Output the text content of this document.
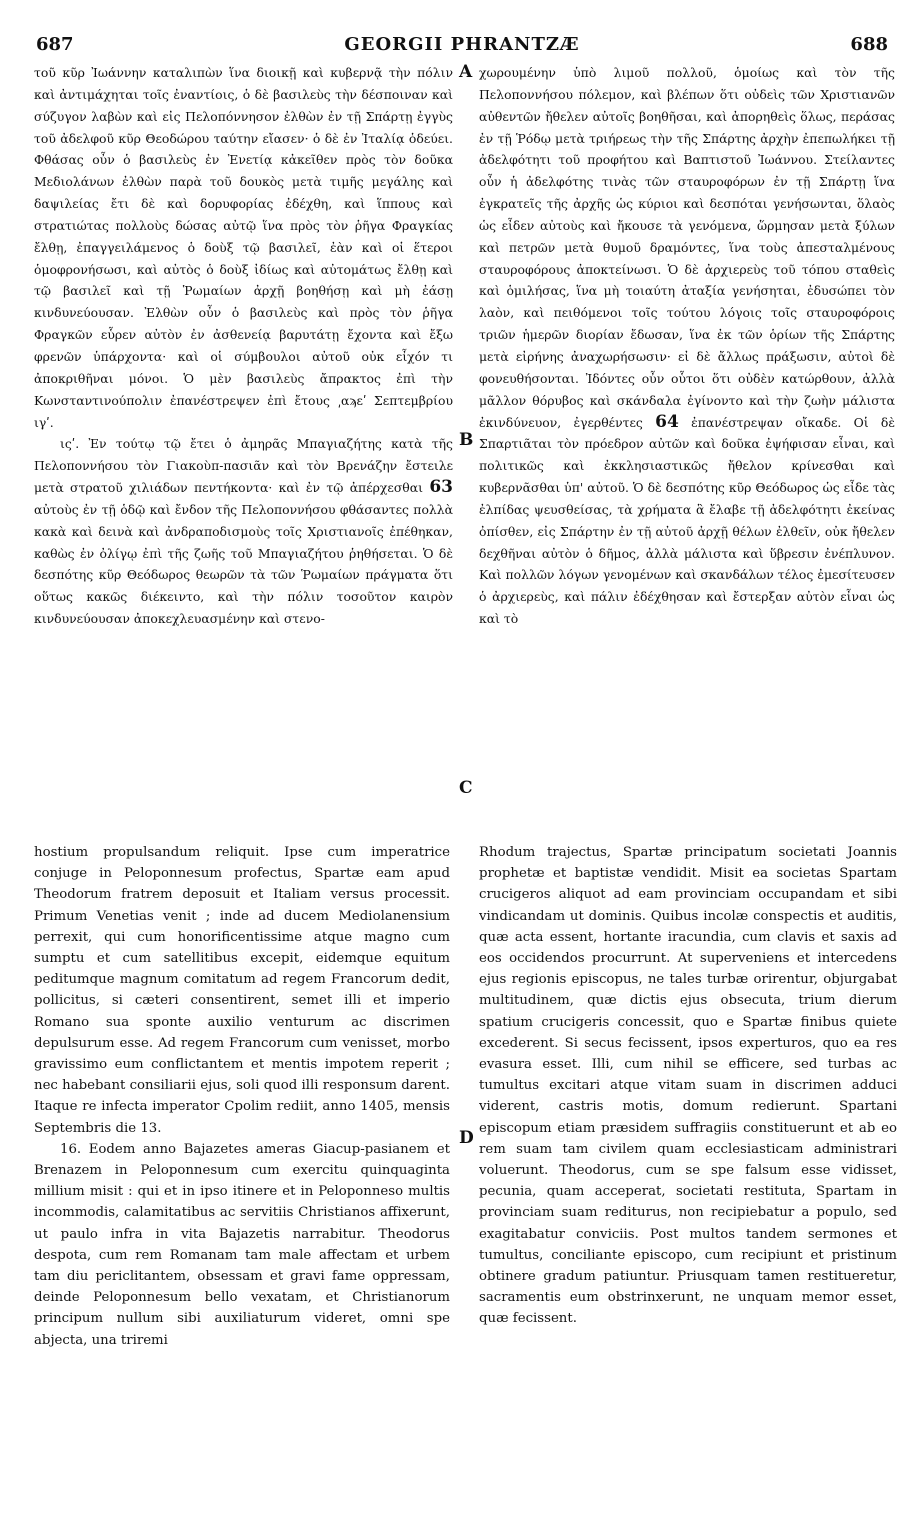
687	GEORGII PHRANTZÆ	688

τοῦ κῦρ Ἰωάννην καταλιπὼν ἵνα διοικῇ καὶ κυβερνᾷ τὴν πόλιν καὶ ἀντιμάχηται τοῖς ἐναντίοις, ὁ δὲ βασιλεὺς τὴν δέσποιναν καὶ σύζυγον λαβὼν καὶ εἰς Πελοπόννησον ἐλθὼν ἐν τῇ Σπάρτῃ ἐγγὺς τοῦ ἀδελφοῦ κῦρ Θεοδώρου ταύτην εἴασεν· ὁ δὲ ἐν Ἰταλίᾳ ὁδεύει. Φθάσας οὖν ὁ βασιλεὺς ἐν Ἐνετίᾳ κἀκεῖθεν πρὸς τὸν δοῦκα Μεδιολάνων ἐλθὼν παρὰ τοῦ δουκὸς μετὰ τιμῆς μεγάλης καὶ δαψιλείας ἔτι δὲ καὶ δορυφορίας ἐδέχθη, καὶ ἵππους καὶ στρατιώτας πολλοὺς δώσας αὐτῷ ἵνα πρὸς τὸν ῥῆγα Φραγκίας ἔλθῃ, ἐπαγγειλάμενος ὁ δοὺξ τῷ βασιλεῖ, ἐὰν καὶ οἱ ἕτεροι ὁμοφρονήσωσι, καὶ αὐτὸς ὁ δοὺξ ἰδίως καὶ αὐτομάτως ἔλθῃ καὶ τῷ βασιλεῖ καὶ τῇ Ῥωμαίων ἀρχῇ βοηθήσῃ καὶ μὴ ἐάσῃ κινδυνεύουσαν. Ἐλθὼν οὖν ὁ βασιλεὺς καὶ πρὸς τὸν ῥῆγα Φραγκῶν εὗρεν αὐτὸν ἐν ἀσθενείᾳ βαρυτάτῃ ἔχοντα καὶ ἔξω φρενῶν ὑπάρχοντα· καὶ οἱ σύμβουλοι αὐτοῦ οὐκ εἶχόν τι ἀποκριθῆναι μόνοι. Ὁ μὲν βασιλεὺς ἄπρακτος ἐπὶ τὴν Κωνσταντινούπολιν ἐπανέστρεψεν ἐπὶ ἔτους ͵αϡεʹ Σεπτεμβρίου ιγʹ.

ιςʹ. Ἐν τούτῳ τῷ ἔτει ὁ ἀμηρᾶς Μπαγιαζήτης κατὰ τῆς Πελοποννήσου τὸν Γιακοὺπ-πασιᾶν καὶ τὸν Βρενάζην ἔστειλε μετὰ στρατοῦ χιλιάδων πεντήκοντα· καὶ ἐν τῷ ἀπέρχεσθαι 63 αὐτοὺς ἐν τῇ ὁδῷ καὶ ἔνδον τῆς Πελοποννήσου φθάσαντες πολλὰ κακὰ καὶ δεινὰ καὶ ἀνδραποδισμοὺς τοῖς Χριστιανοῖς ἐπέθηκαν, καθὼς ἐν ὀλίγῳ ἐπὶ τῆς ζωῆς τοῦ Μπαγιαζήτου ῥηθήσεται. Ὁ δὲ δεσπότης κῦρ Θεόδωρος θεωρῶν τὰ τῶν Ῥωμαίων πράγματα ὅτι οὕτως κακῶς διέκειντο, καὶ τὴν πόλιν τοσοῦτον καιρὸν κινδυνεύουσαν ἀποκεχλευασμένην καὶ στενο-

χωρουμένην ὑπὸ λιμοῦ πολλοῦ, ὁμοίως καὶ τὸν τῆς Πελοποννήσου πόλεμον, καὶ βλέπων ὅτι οὐδεὶς τῶν Χριστιανῶν αὐθεντῶν ἤθελεν αὐτοῖς βοηθῆσαι, καὶ ἀπορηθεὶς ὅλως, περάσας ἐν τῇ Ῥόδῳ μετὰ τριήρεως τὴν τῆς Σπάρτης ἀρχὴν ἐπεπωλήκει τῇ ἀδελφότητι τοῦ προφήτου καὶ Βαπτιστοῦ Ἰωάννου. Στείλαντες οὖν ἡ ἀδελφότης τινὰς τῶν σταυροφόρων ἐν τῇ Σπάρτῃ ἵνα ἐγκρατεῖς τῆς ἀρχῆς ὡς κύριοι καὶ δεσπόται γενήσωνται, ὅλαὸς ὡς εἶδεν αὐτοὺς καὶ ἤκουσε τὰ γενόμενα, ὥρμησαν μετὰ ξύλων καὶ πετρῶν μετὰ θυμοῦ δραμόντες, ἵνα τοὺς ἀπεσταλμένους σταυροφόρους ἀποκτείνωσι. Ὁ δὲ ἀρχιερεὺς τοῦ τόπου σταθεὶς καὶ ὁμιλήσας, ἵνα μὴ τοιαύτη ἀταξία γενήσηται, ἐδυσώπει τὸν λαὸν, καὶ πειθόμενοι τοῖς τούτου λόγοις τοῖς σταυροφόροις τριῶν ἡμερῶν διορίαν ἔδωσαν, ἵνα ἐκ τῶν ὁρίων τῆς Σπάρτης μετὰ εἰρήνης ἀναχωρήσωσιν· εἰ δὲ ἄλλως πράξωσιν, αὐτοὶ δὲ φονευθήσονται. Ἰδόντες οὖν οὗτοι ὅτι οὐδὲν κατώρθουν, ἀλλὰ μᾶλλον θόρυβος καὶ σκάνδαλα ἐγίνοντο καὶ τὴν ζωὴν μάλιστα ἐκινδύνευον, ἐγερθέντες 64 ἐπανέστρεψαν οἴκαδε. Οἱ δὲ Σπαρτιᾶται τὸν πρόεδρον αὐτῶν καὶ δοῦκα ἐψήφισαν εἶναι, καὶ πολιτικῶς καὶ ἐκκλησιαστικῶς ἤθελον κρίνεσθαι καὶ κυβερνᾶσθαι ὑπ' αὐτοῦ. Ὁ δὲ δεσπότης κῦρ Θεόδωρος ὡς εἶδε τὰς ἐλπίδας ψευσθείσας, τὰ χρήματα ἃ ἔλαβε τῇ ἀδελφότητι ἐκείνας ὀπίσθεν, εἰς Σπάρτην ἐν τῇ αὐτοῦ ἀρχῇ θέλων ἐλθεῖν, οὐκ ἤθελεν δεχθῆναι αὐτὸν ὁ δῆμος, ἀλλὰ μάλιστα καὶ ὕβρεσιν ἐνέπλυνον. Καὶ πολλῶν λόγων γενομένων καὶ σκανδάλων τέλος ἐμεσίτευσεν ὁ ἀρχιερεὺς, καὶ πάλιν ἐδέχθησαν καὶ ἔστερξαν αὐτὸν εἶναι ὡς καὶ τὸ

A
B
C
D

hostium propulsandum reliquit. Ipse cum imperatrice conjuge in Peloponnesum profectus, Spartæ eam apud Theodorum fratrem deposuit et Italiam versus processit. Primum Venetias venit ; inde ad ducem Mediolanensium perrexit, qui cum honorificentissime atque magno cum sumptu et cum satellitibus excepit, eidemque equitum peditumque magnum comitatum ad regem Francorum dedit, pollicitus, si cæteri consentirent, semet illi et imperio Romano sua sponte auxilio venturum ac discrimen depulsurum esse. Ad regem Francorum cum venisset, morbo gravissimo eum conflictantem et mentis impotem reperit ; nec habebant consiliarii ejus, soli quod illi responsum darent. Itaque re infecta imperator Cpolim rediit, anno 1405, mensis Septembris die 13.

16. Eodem anno Bajazetes ameras Giacup-pasianem et Brenazem in Peloponnesum cum exercitu quinquaginta millium misit : qui et in ipso itinere et in Peloponneso multis incommodis, calamitatibus ac servitiis Christianos affixerunt, ut paulo infra in vita Bajazetis narrabitur. Theodorus despota, cum rem Romanam tam male affectam et urbem tam diu periclitantem, obsessam et gravi fame oppressam, deinde Peloponnesum bello vexatam, et Christianorum principum nullum sibi auxiliaturum videret, omni spe abjecta, una triremi

Rhodum trajectus, Spartæ principatum societati Joannis prophetæ et baptistæ vendidit. Misit ea societas Spartam crucigeros aliquot ad eam provinciam occupandam et sibi vindicandam ut dominis. Quibus incolæ conspectis et auditis, quæ acta essent, hortante iracundia, cum clavis et saxis ad eos occidendos procurrunt. At superveniens et intercedens ejus regionis episcopus, ne tales turbæ orirentur, objurgabat multitudinem, quæ dictis ejus obsecuta, trium dierum spatium crucigeris concessit, quo e Spartæ finibus quiete excederent. Si secus fecissent, ipsos experturos, quo ea res evasura esset. Illi, cum nihil se efficere, sed turbas ac tumultus excitari atque vitam suam in discrimen adduci viderent, castris motis, domum redierunt. Spartani episcopum etiam præsidem suffragiis constituerunt et ab eo rem suam tam civilem quam ecclesiasticam administrari voluerunt. Theodorus, cum se spe falsum esse vidisset, pecunia, quam acceperat, societati restituta, Spartam in provinciam suam rediturus, non recipiebatur a populo, sed exagitabatur conviciis. Post multos tandem sermones et tumultus, conciliante episcopo, cum recipiunt et pristinum obtinere gradum patiuntur. Priusquam tamen restitueretur, sacramentis eum obstrinxerunt, ne unquam memor esset, quæ fecissent.
